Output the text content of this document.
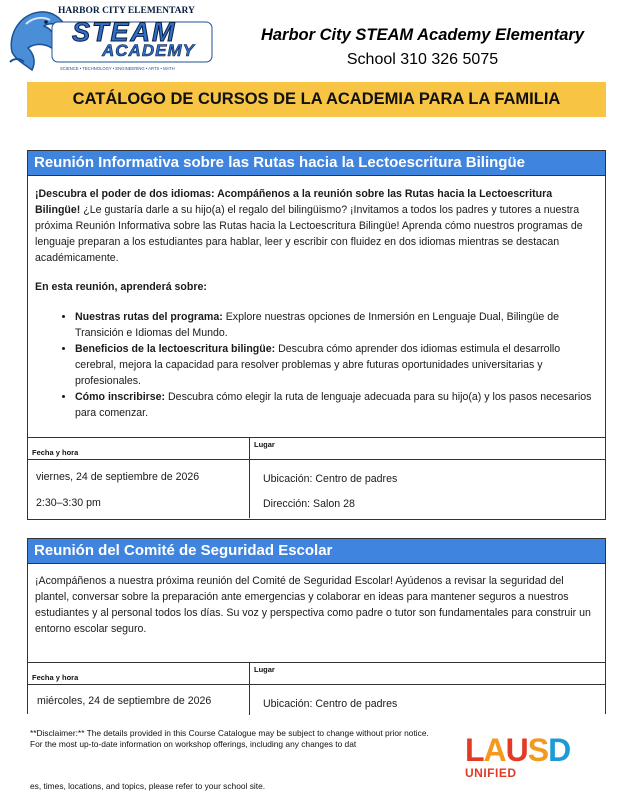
HARBOR CITY ELEMENTARY
STEAM
ACADEMY
SCIENCE • TECHNOLOGY • ENGINEERING • ARTS • MATH
Harbor City STEAM Academy Elementary
School 310 326 5075
CATÁLOGO DE CURSOS DE LA ACADEMIA PARA LA FAMILIA
Reunión Informativa sobre las Rutas hacia la Lectoescritura Bilingüe

¡Descubra el poder de dos idiomas: Acompáñenos a la reunión sobre las Rutas hacia la Lectoescritura Bilingüe! ¿Le gustaría darle a su hijo(a) el regalo del bilingüismo? ¡Invitamos a todos los padres y tutores a nuestra próxima Reunión Informativa sobre las Rutas hacia la Lectoescritura Bilingüe! Aprenda cómo nuestros programas de lenguaje preparan a los estudiantes para hablar, leer y escribir con fluidez en dos idiomas mientras se destacan académicamente.

En esta reunión, aprenderá sobre:

• Nuestras rutas del programa: Explore nuestras opciones de Inmersión en Lenguaje Dual, Bilingüe de Transición e Idiomas del Mundo.
• Beneficios de la lectoescritura bilingüe: Descubra cómo aprender dos idiomas estimula el desarrollo cerebral, mejora la capacidad para resolver problemas y abre futuras oportunidades universitarias y profesionales.
• Cómo inscribirse: Descubra cómo elegir la ruta de lenguaje adecuada para su hijo(a) y los pasos necesarios para comenzar.
Fecha y hora
viernes, 24 de septiembre de 2026
2:30–3:30 pm
Lugar
Ubicación: Centro de padres
Dirección: Salon 28
Reunión del Comité de Seguridad Escolar

¡Acompáñenos a nuestra próxima reunión del Comité de Seguridad Escolar! Ayúdenos a revisar la seguridad del plantel, conversar sobre la preparación ante emergencias y colaborar en ideas para mantener seguros a nuestros estudiantes y al personal todos los días. Su voz y perspectiva como padre o tutor son fundamentales para construir un entorno escolar seguro.

Fecha y hora
miércoles, 24 de septiembre de 2026
Lugar
Ubicación: Centro de padres
**Disclaimer:** The details provided in this Course Catalogue may be subject to change without prior notice. For the most up-to-date information on workshop offerings, including any changes to dat
es, times, locations, and topics, please refer to your school site.
LAUSD
UNIFIED
